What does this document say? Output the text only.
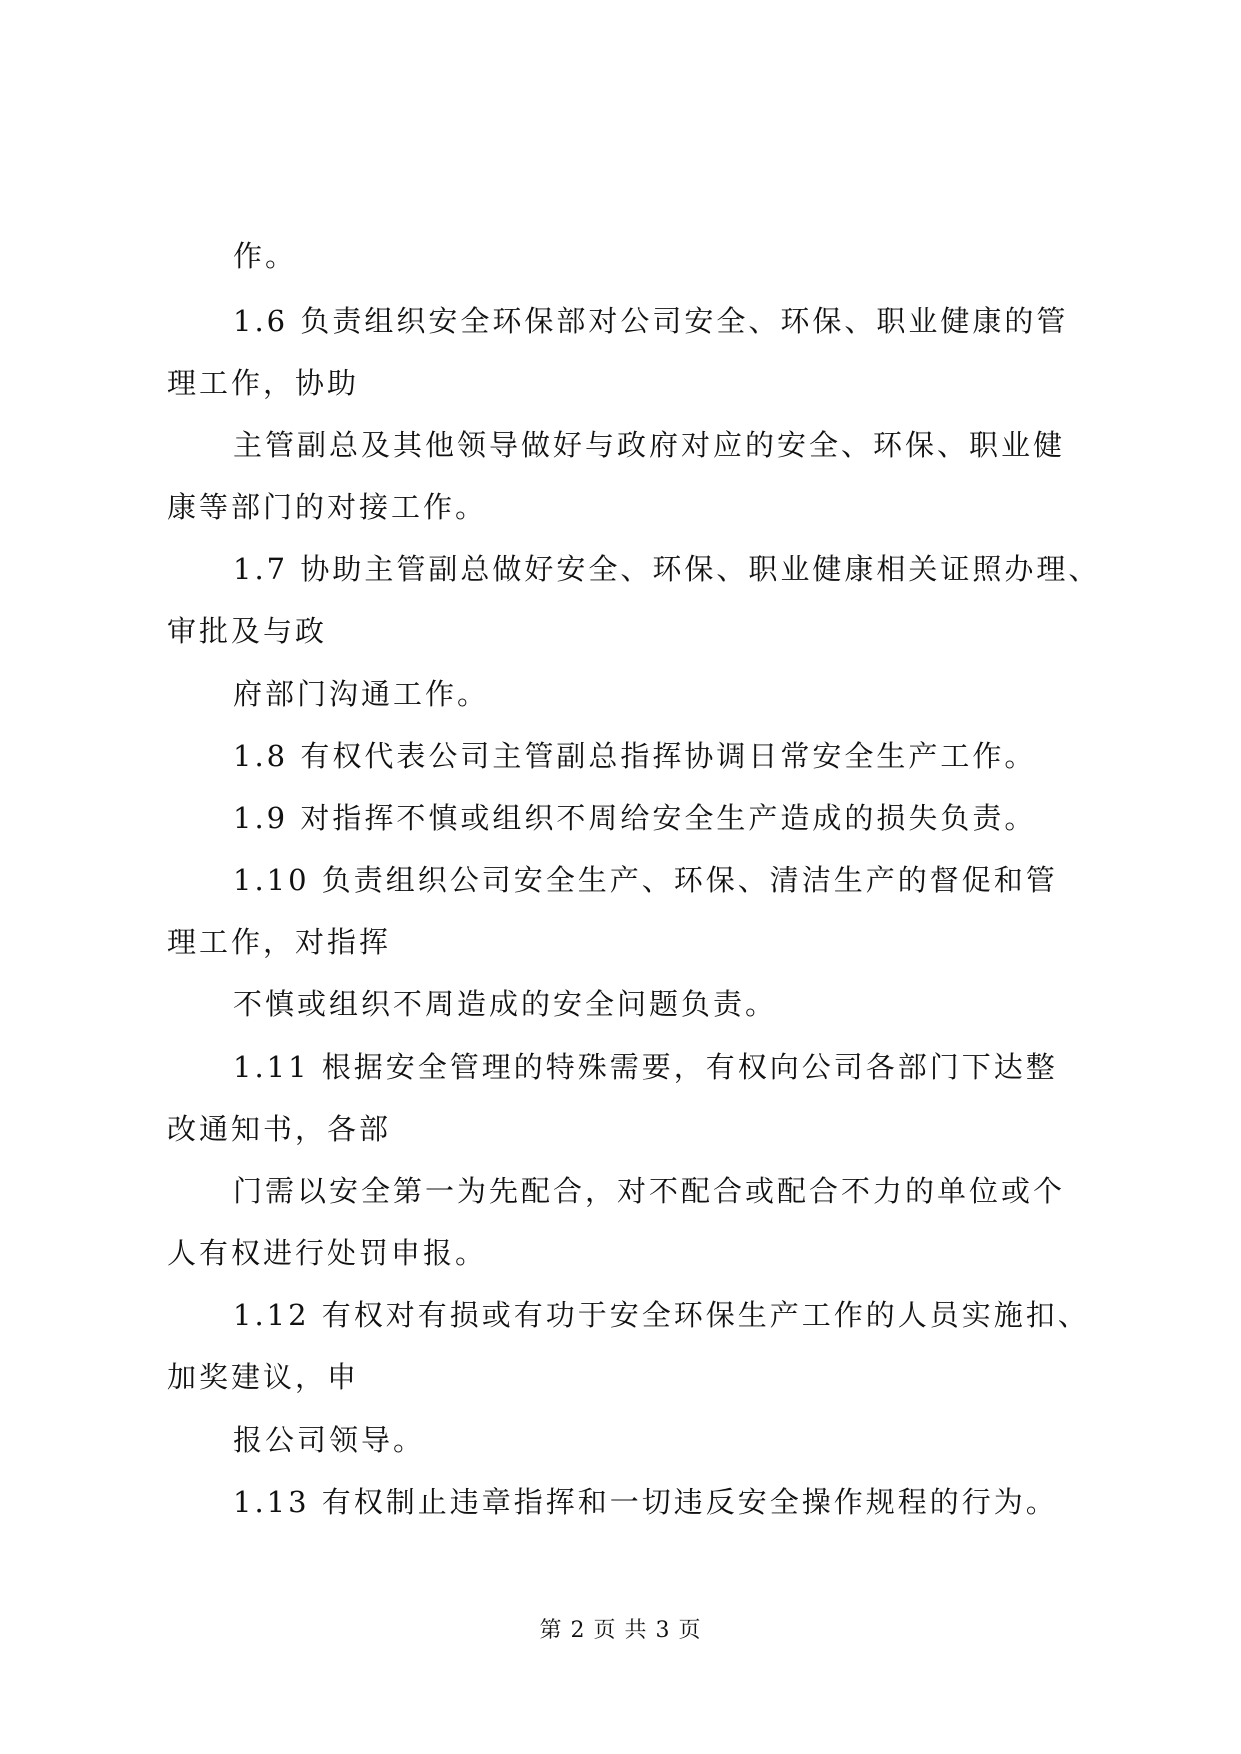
作。
1.6 负责组织安全环保部对公司安全、环保、职业健康的管
理工作，协助
主管副总及其他领导做好与政府对应的安全、环保、职业健
康等部门的对接工作。
1.7 协助主管副总做好安全、环保、职业健康相关证照办理、
审批及与政
府部门沟通工作。
1.8 有权代表公司主管副总指挥协调日常安全生产工作。
1.9 对指挥不慎或组织不周给安全生产造成的损失负责。
1.10 负责组织公司安全生产、环保、清洁生产的督促和管
理工作，对指挥
不慎或组织不周造成的安全问题负责。
1.11 根据安全管理的特殊需要，有权向公司各部门下达整
改通知书，各部
门需以安全第一为先配合，对不配合或配合不力的单位或个
人有权进行处罚申报。
1.12 有权对有损或有功于安全环保生产工作的人员实施扣、
加奖建议，申
报公司领导。
1.13 有权制止违章指挥和一切违反安全操作规程的行为。
第 2 页 共 3 页
